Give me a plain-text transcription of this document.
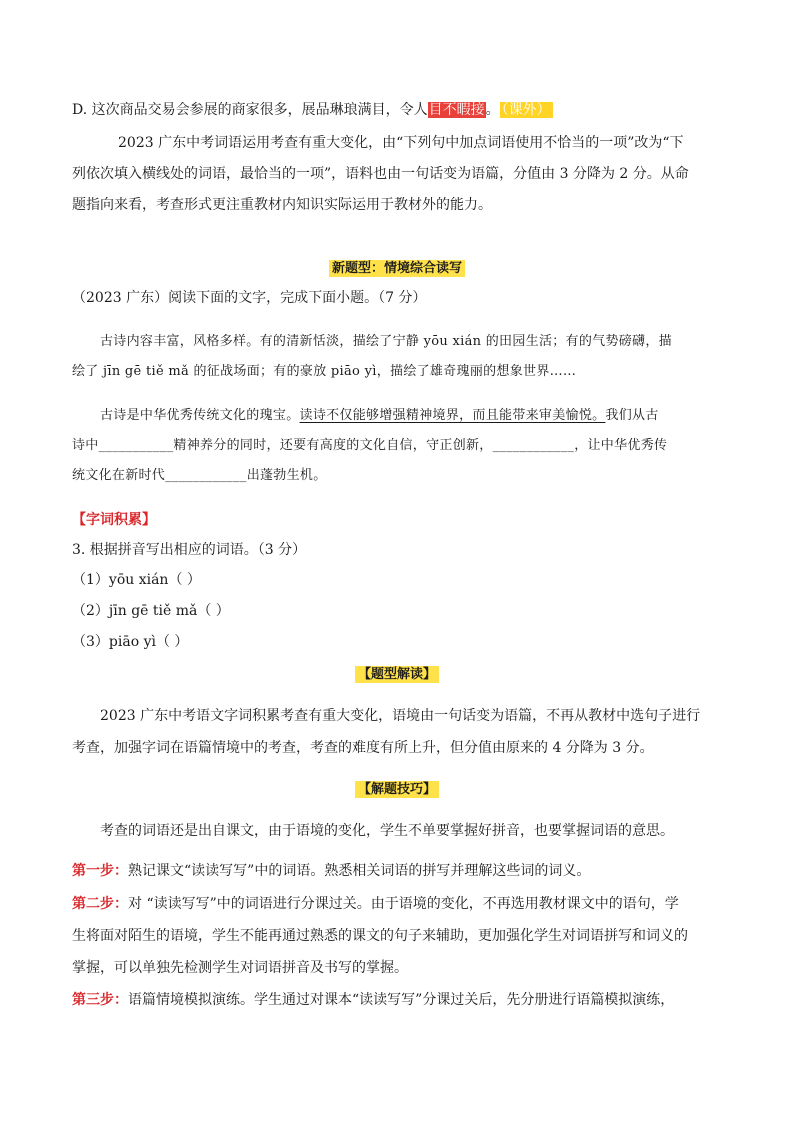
D. 这次商品交易会参展的商家很多，展品琳琅满目，令人目不暇接。 （课外）
2023 广东中考词语运用考查有重大变化，由“下列句中加点词语使用不恰当的一项”改为“下
列依次填入横线处的词语，最恰当的一项”，语料也由一句话变为语篇，分值由 3 分降为 2 分。从命
题指向来看，考查形式更注重教材内知识实际运用于教材外的能力。
新题型：情境综合读写
（2023 广东）阅读下面的文字，完成下面小题。（7 分）
古诗内容丰富，风格多样。有的清新恬淡，描绘了宁静 yōu xián 的田园生活；有的气势磅礴，描
绘了 jīn gē tiě mǎ 的征战场面；有的豪放 piāo yì，描绘了雄奇瑰丽的想象世界……
古诗是中华优秀传统文化的瑰宝。读诗不仅能够增强精神境界，而且能带来审美愉悦。我们从古
诗中___________精神养分的同时，还要有高度的文化自信，守正创新，____________，让中华优秀传
统文化在新时代____________出蓬勃生机。
【字词积累】
3. 根据拼音写出相应的词语。（3 分）
（1）yōu xián（ ）
（2）jīn gē tiě mǎ（ ）
（3）piāo yì（ ）
【题型解读】
2023 广东中考语文字词积累考查有重大变化，语境由一句话变为语篇，不再从教材中选句子进行
考查，加强字词在语篇情境中的考查，考查的难度有所上升，但分值由原来的 4 分降为 3 分。
【解题技巧】
考查的词语还是出自课文，由于语境的变化，学生不单要掌握好拼音，也要掌握词语的意思。
第一步：熟记课文“读读写写”中的词语。熟悉相关词语的拼写并理解这些词的词义。
第二步：对 “读读写写”中的词语进行分课过关。由于语境的变化，不再选用教材课文中的语句，学
生将面对陌生的语境，学生不能再通过熟悉的课文的句子来辅助，更加强化学生对词语拼写和词义的
掌握，可以单独先检测学生对词语拼音及书写的掌握。
第三步：语篇情境模拟演练。学生通过对课本“读读写写”分课过关后，先分册进行语篇模拟演练，
